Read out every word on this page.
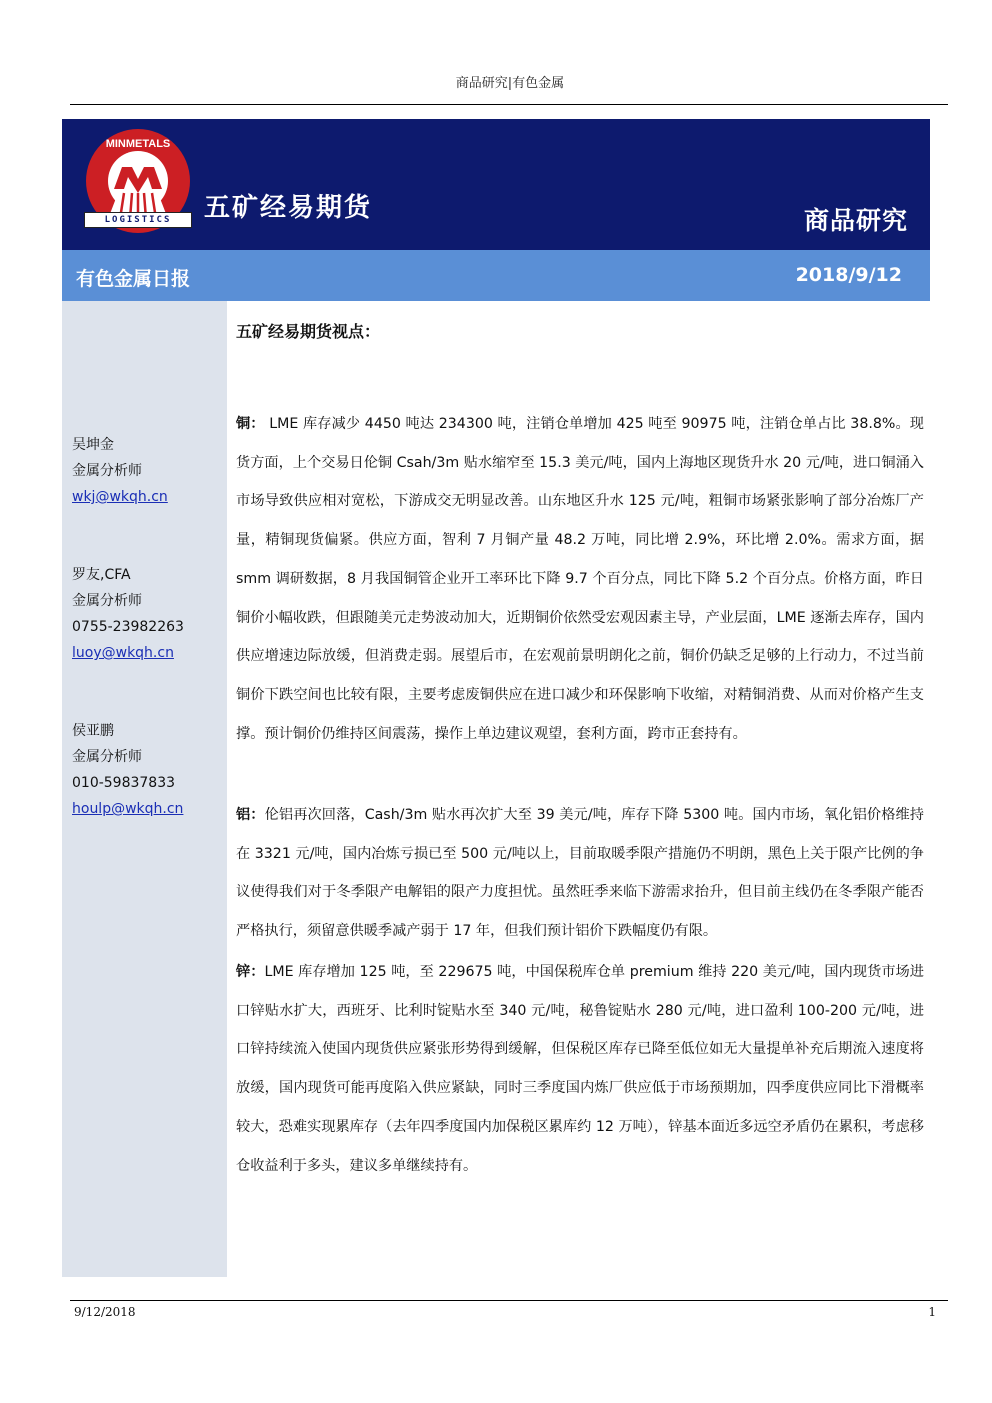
商品研究|有色金属
MINMETALS
LOGISTICS	五矿经易期货	商品研究
有色金属日报	2018/9/12
吴坤金
金属分析师
wkj@wkqh.cn
罗友,CFA
金属分析师
0755-23982263
luoy@wkqh.cn
侯亚鹏
金属分析师
010-59837833
houlp@wkqh.cn
五矿经易期货视点：
铜： LME 库存减少 4450 吨达 234300 吨，注销仓单增加 425 吨至 90975 吨，注销仓单占比 38.8%。现货方面，上个交易日伦铜 Csah/3m 贴水缩窄至 15.3 美元/吨，国内上海地区现货升水 20 元/吨，进口铜涌入市场导致供应相对宽松，下游成交无明显改善。山东地区升水 125 元/吨，粗铜市场紧张影响了部分冶炼厂产量，精铜现货偏紧。供应方面，智利 7 月铜产量 48.2 万吨，同比增 2.9%，环比增 2.0%。需求方面，据 smm 调研数据，8 月我国铜管企业开工率环比下降 9.7 个百分点，同比下降 5.2 个百分点。价格方面，昨日铜价小幅收跌，但跟随美元走势波动加大，近期铜价依然受宏观因素主导，产业层面，LME 逐渐去库存，国内供应增速边际放缓，但消费走弱。展望后市，在宏观前景明朗化之前，铜价仍缺乏足够的上行动力，不过当前铜价下跌空间也比较有限，主要考虑废铜供应在进口减少和环保影响下收缩，对精铜消费、从而对价格产生支撑。预计铜价仍维持区间震荡，操作上单边建议观望，套利方面，跨市正套持有。
铝：伦铝再次回落，Cash/3m 贴水再次扩大至 39 美元/吨，库存下降 5300 吨。国内市场，氧化铝价格维持在 3321 元/吨，国内冶炼亏损已至 500 元/吨以上，目前取暖季限产措施仍不明朗，黑色上关于限产比例的争议使得我们对于冬季限产电解铝的限产力度担忧。虽然旺季来临下游需求抬升，但目前主线仍在冬季限产能否严格执行，须留意供暖季减产弱于 17 年，但我们预计铝价下跌幅度仍有限。
锌：LME 库存增加 125 吨，至 229675 吨，中国保税库仓单 premium 维持 220 美元/吨，国内现货市场进口锌贴水扩大，西班牙、比利时锭贴水至 340 元/吨，秘鲁锭贴水 280 元/吨，进口盈利 100-200 元/吨，进口锌持续流入使国内现货供应紧张形势得到缓解，但保税区库存已降至低位如无大量提单补充后期流入速度将放缓，国内现货可能再度陷入供应紧缺，同时三季度国内炼厂供应低于市场预期加，四季度供应同比下滑概率较大，恐难实现累库存（去年四季度国内加保税区累库约 12 万吨），锌基本面近多远空矛盾仍在累积，考虑移仓收益利于多头，建议多单继续持有。
9/12/2018	1
